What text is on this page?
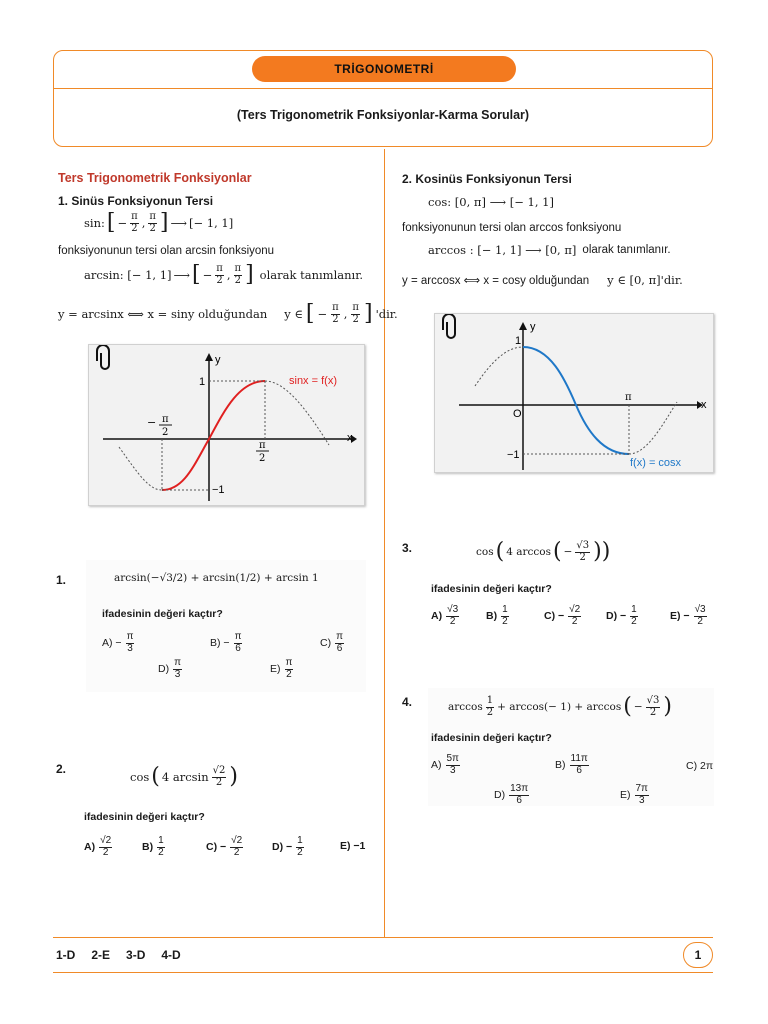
TRİGONOMETRİ
(Ters Trigonometrik Fonksiyonlar-Karma Sorular)
Ters Trigonometrik Fonksiyonlar
1. Sinüs Fonksiyonun Tersi
sin: [ − $\frac{\pi}{2}$ , $\frac{\pi}{2}$ ] ⟶ [− 1, 1]
fonksiyonunun tersi olan arcsin fonksiyonu
arcsin: [− 1, 1] ⟶ [ − $\frac{\pi}{2}$ , $\frac{\pi}{2}$ ] olarak tanımlanır.
y = arcsinx ⟺ x = siny olduğundan y ∈ [ − $\frac{\pi}{2}$ , $\frac{\pi}{2}$ ] 'dir.
y
x
1
−1
− π
2
π
2
sinx = f(x)
2. Kosinüs Fonksiyonun Tersi
cos: [0, π] ⟶ [− 1, 1]
fonksiyonunun tersi olan arccos fonksiyonu
arccos : [− 1, 1] ⟶ [0, π] olarak tanımlanır.
y = arccosx ⟺ x = cosy olduğundan y ∈ [0, π]'dir.
y
x
1
O
−1
π
f(x) = cosx
1.	arcsin(−√3/2) + arcsin(1/2) + arcsin 1
ifadesinin değeri kaçtır?
$A) - \frac{\pi}{3}$	$B) - \frac{\pi}{6}$	$C) \frac{\pi}{6}$
$D) \frac{\pi}{3}$	$E) \frac{\pi}{2}$
2.
cos ( 4 $\arcsin \frac{√2}{2}$ )
ifadesinin değeri kaçtır?
$A) \frac{√2}{2}$	$B) \frac{1}{2}$	$C) - \frac{√2}{2}$	$D) - \frac{1}{2}$	E) −1
3.	cos ( 4 arccos ( − $\frac{√3}{2}$ ))
ifadesinin değeri kaçtır?
$A) \frac{√3}{2}$	$B) \frac{1}{2}$	$C) - \frac{√2}{2} D) - \frac{1}{2}$	$E) - \frac{√3}{2}$
4.	$\arccos \frac{1}{2} + \arccos(- 1) + \arccos$ ( − $\frac{√3}{2}$ )
ifadesinin değeri kaçtır?
$A) \frac{5\pi}{3}$	$B) \frac{11\pi}{6}$	C) 2π
$D) \frac{13\pi}{6}$	$E) \frac{7\pi}{3}$
1-D 2-E 3-D 4-D	1
